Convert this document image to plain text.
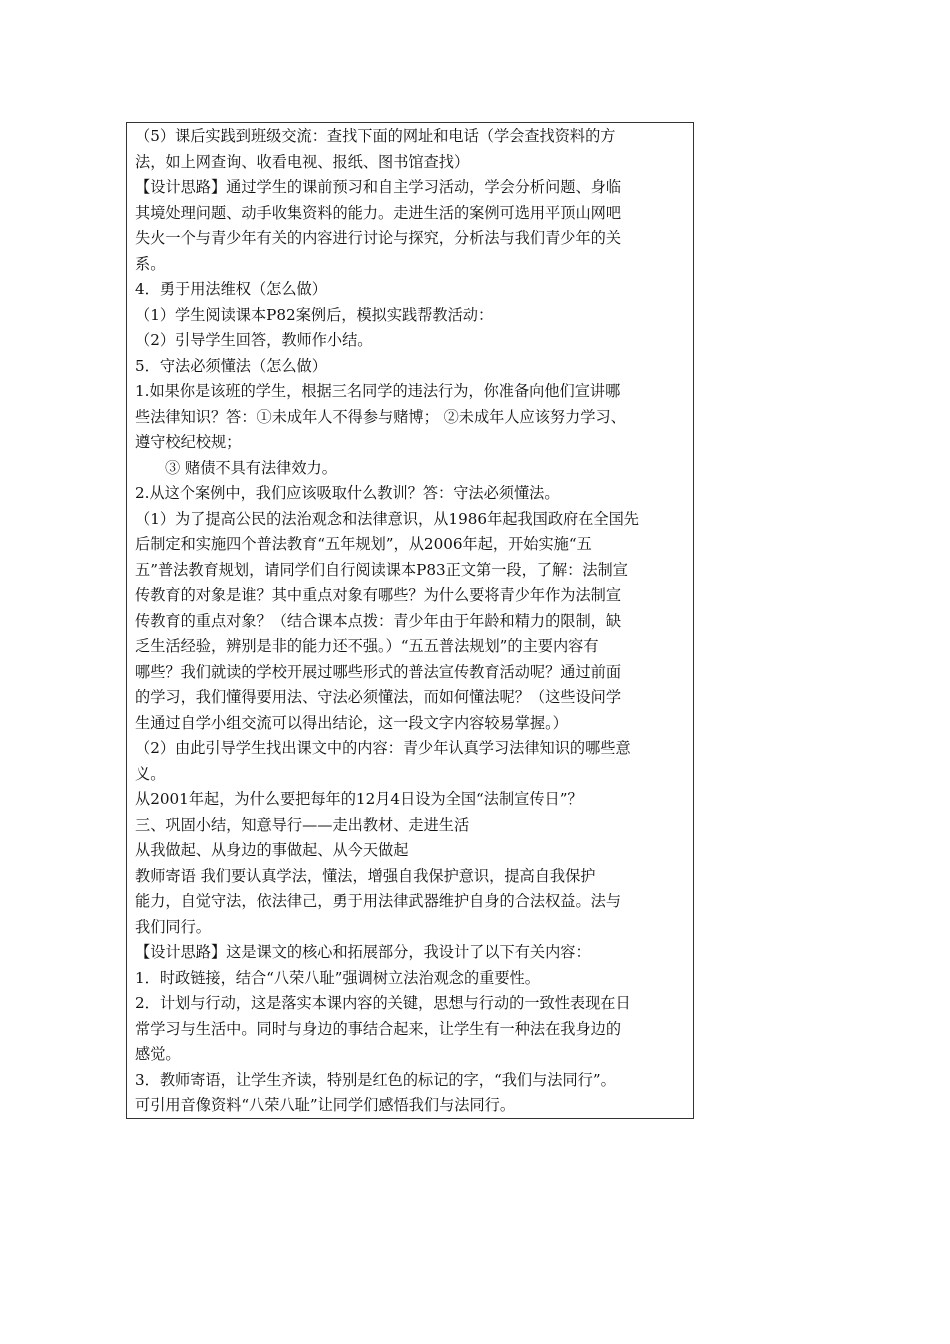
（5）课后实践到班级交流：查找下面的网址和电话（学会查找资料的方
法，如上网查询、收看电视、报纸、图书馆查找）
【设计思路】通过学生的课前预习和自主学习活动，学会分析问题、身临
其境处理问题、动手收集资料的能力。走进生活的案例可选用平顶山网吧
失火一个与青少年有关的内容进行讨论与探究，分析法与我们青少年的关
系。
4．勇于用法维权（怎么做）
（1）学生阅读课本P82案例后，模拟实践帮教活动：
（2）引导学生回答，教师作小结。
5．守法必须懂法（怎么做）
1.如果你是该班的学生，根据三名同学的违法行为，你准备向他们宣讲哪
些法律知识？答：①未成年人不得参与赌博； ②未成年人应该努力学习、
遵守校纪校规；
③ 赌债不具有法律效力。
2.从这个案例中，我们应该吸取什么教训？答：守法必须懂法。
（1）为了提高公民的法治观念和法律意识，从1986年起我国政府在全国先
后制定和实施四个普法教育“五年规划”，从2006年起，开始实施“五
五”普法教育规划，请同学们自行阅读课本P83正文第一段，了解：法制宣
传教育的对象是谁？其中重点对象有哪些？为什么要将青少年作为法制宣
传教育的重点对象？（结合课本点拨：青少年由于年龄和精力的限制，缺
乏生活经验，辨别是非的能力还不强。）“五五普法规划”的主要内容有
哪些？我们就读的学校开展过哪些形式的普法宣传教育活动呢？通过前面
的学习，我们懂得要用法、守法必须懂法，而如何懂法呢？（这些设问学
生通过自学小组交流可以得出结论，这一段文字内容较易掌握。）
（2）由此引导学生找出课文中的内容：青少年认真学习法律知识的哪些意
义。
从2001年起，为什么要把每年的12月4日设为全国“法制宣传日”？
三、巩固小结，知意导行——走出教材、走进生活
从我做起、从身边的事做起、从今天做起
教师寄语 我们要认真学法，懂法，增强自我保护意识，提高自我保护
能力，自觉守法，依法律己，勇于用法律武器维护自身的合法权益。法与
我们同行。
【设计思路】这是课文的核心和拓展部分，我设计了以下有关内容：
1．时政链接，结合“八荣八耻”强调树立法治观念的重要性。
2．计划与行动，这是落实本课内容的关键，思想与行动的一致性表现在日
常学习与生活中。同时与身边的事结合起来，让学生有一种法在我身边的
感觉。
3．教师寄语，让学生齐读，特别是红色的标记的字，“我们与法同行”。
可引用音像资料“八荣八耻”让同学们感悟我们与法同行。
